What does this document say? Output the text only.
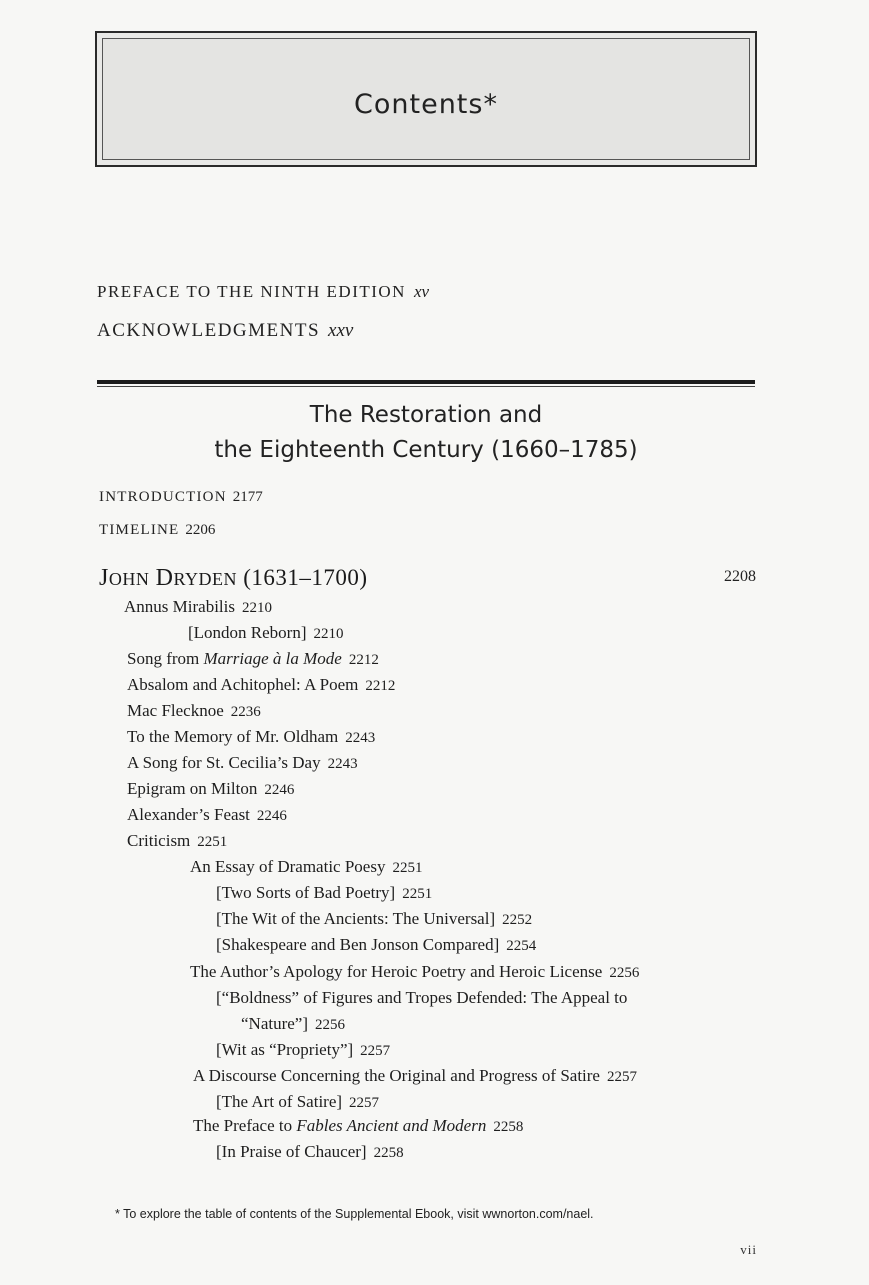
Contents*
PREFACE TO THE NINTH EDITION xv
ACKNOWLEDGMENTS xxv
The Restoration and
the Eighteenth Century (1660–1785)
INTRODUCTION 2177
TIMELINE 2206
JOHN DRYDEN (1631–1700)	2208
Annus Mirabilis 2210
[London Reborn] 2210
Song from Marriage à la Mode 2212
Absalom and Achitophel: A Poem 2212
Mac Flecknoe 2236
To the Memory of Mr. Oldham 2243
A Song for St. Cecilia’s Day 2243
Epigram on Milton 2246
Alexander’s Feast 2246
Criticism 2251
An Essay of Dramatic Poesy 2251
[Two Sorts of Bad Poetry] 2251
[The Wit of the Ancients: The Universal] 2252
[Shakespeare and Ben Jonson Compared] 2254
The Author’s Apology for Heroic Poetry and Heroic License 2256
[“Boldness” of Figures and Tropes Defended: The Appeal to
“Nature”] 2256
[Wit as “Propriety”] 2257
A Discourse Concerning the Original and Progress of Satire 2257
[The Art of Satire] 2257
The Preface to Fables Ancient and Modern 2258
[In Praise of Chaucer] 2258
* To explore the table of contents of the Supplemental Ebook, visit wwnorton.com/nael.
vii
